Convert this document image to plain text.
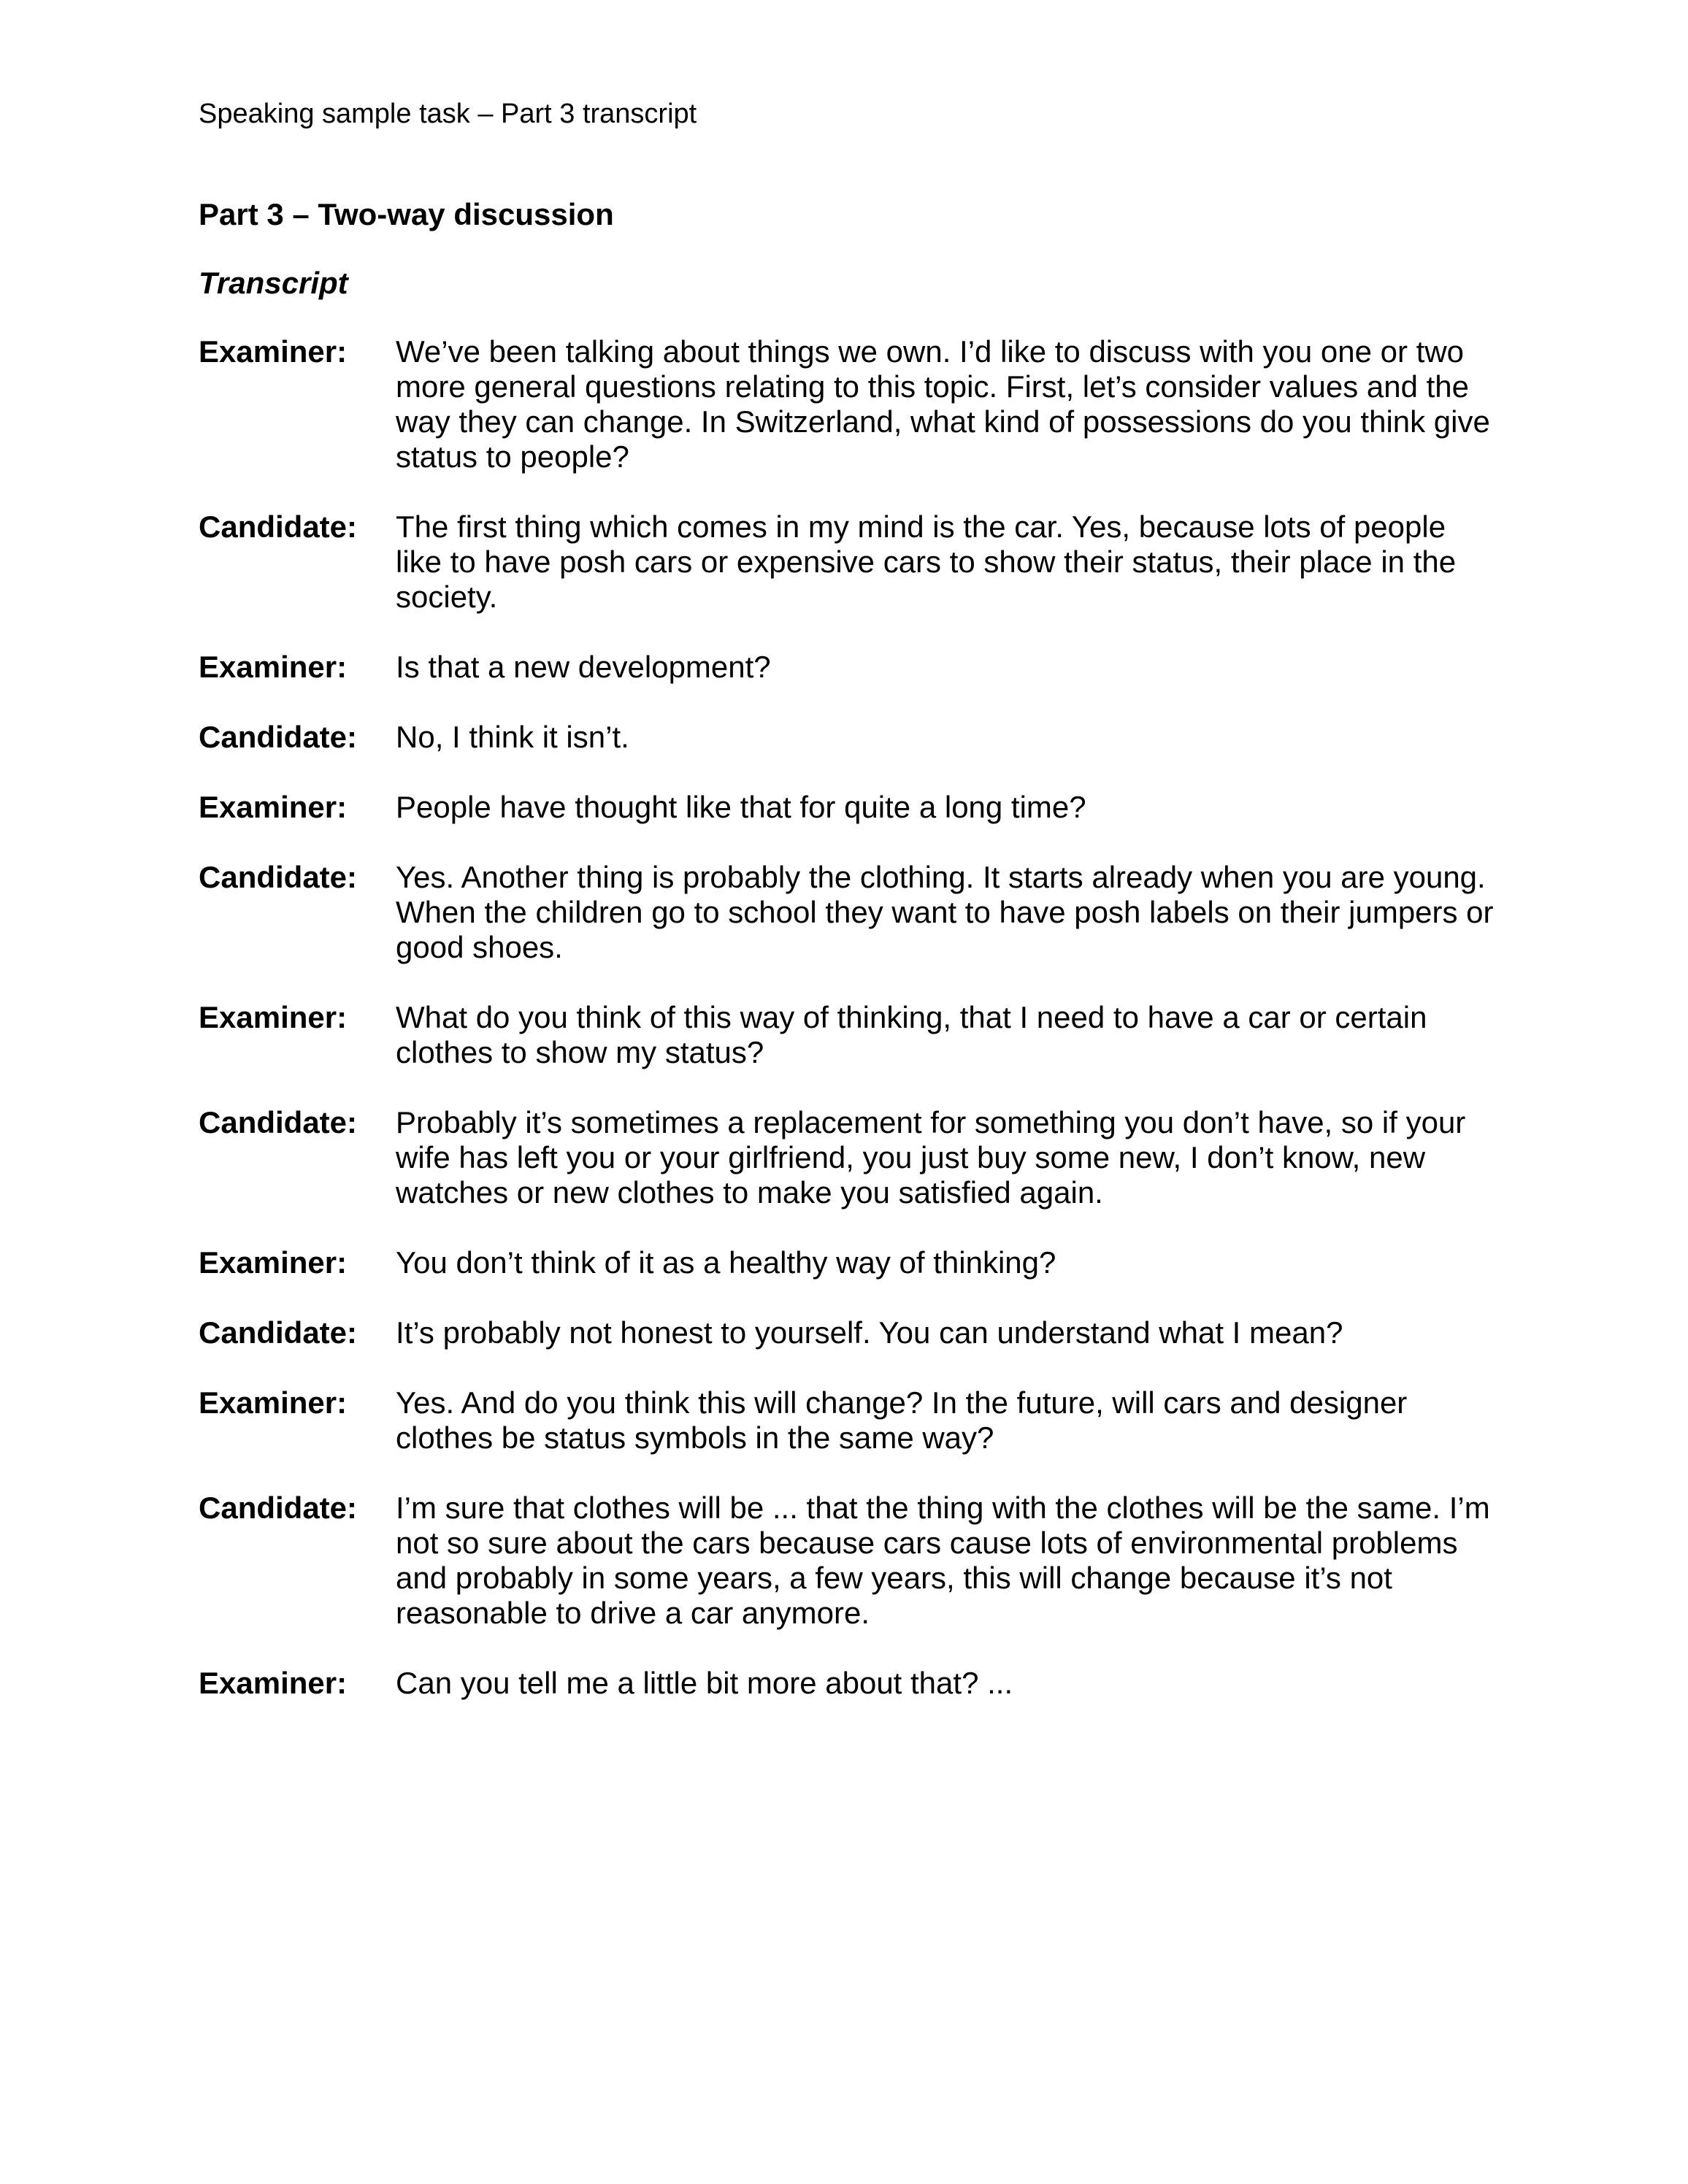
Speaking sample task – Part 3 transcript
Part 3 – Two-way discussion
Transcript
Examiner:	We’ve been talking about things we own. I’d like to discuss with you one or two
more general questions relating to this topic. First, let’s consider values and the
way they can change. In Switzerland, what kind of possessions do you think give
status to people?
Candidate:	The first thing which comes in my mind is the car. Yes, because lots of people
like to have posh cars or expensive cars to show their status, their place in the
society.
Examiner:	Is that a new development?
Candidate:	No, I think it isn’t.
Examiner:	People have thought like that for quite a long time?
Candidate:	Yes. Another thing is probably the clothing. It starts already when you are young.
When the children go to school they want to have posh labels on their jumpers or
good shoes.
Examiner:	What do you think of this way of thinking, that I need to have a car or certain
clothes to show my status?
Candidate:	Probably it’s sometimes a replacement for something you don’t have, so if your
wife has left you or your girlfriend, you just buy some new, I don’t know, new
watches or new clothes to make you satisfied again.
Examiner:	You don’t think of it as a healthy way of thinking?
Candidate:	It’s probably not honest to yourself. You can understand what I mean?
Examiner:	Yes. And do you think this will change? In the future, will cars and designer
clothes be status symbols in the same way?
Candidate:	I’m sure that clothes will be ... that the thing with the clothes will be the same. I’m
not so sure about the cars because cars cause lots of environmental problems
and probably in some years, a few years, this will change because it’s not
reasonable to drive a car anymore.
Examiner:	Can you tell me a little bit more about that? ...
